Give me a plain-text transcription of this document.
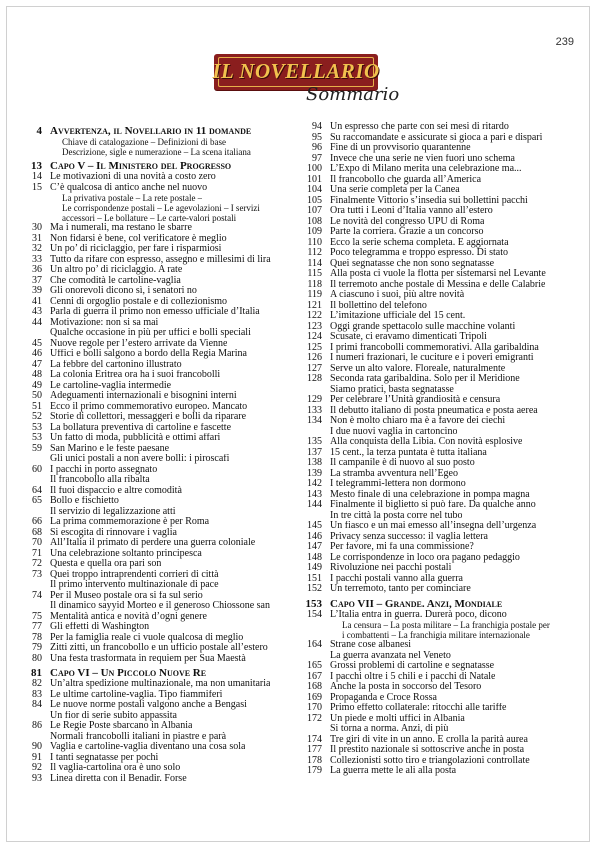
239
IL NOVELLARIO
Sommario
4 Avvertenza, il Novellario in 11 domande
Chiave di catalogazione – Definizioni di base
Descrizione, sigle e numerazione – La scena italiana
13 Capo V – Il Ministero del Progresso
14 Le motivazioni di una novità a costo zero
15 C’è qualcosa di antico anche nel nuovo
La privativa postale – La rete postale –
Le corrispondenze postali – Le agevolazioni – I servizi
accessori – Le bollature – Le carte-valori postali
30 Ma i numerali, ma restano le sbarre
31 Non fidarsi è bene, col verificatore è meglio
32 Un po’ di riciclaggio, per fare i risparmiosi
33 Tutto da rifare con espresso, assegno e millesimi di lira
36 Un altro po’ di riciclaggio. A rate
37 Che comodità le cartoline-vaglia
39 Gli onorevoli dicono sì, i senatori no
41 Cenni di orgoglio postale e di collezionismo
43 Parla di guerra il primo non emesso ufficiale d’Italia
44 Motivazione: non si sa mai
Qualche occasione in più per uffici e bolli speciali
45 Nuove regole per l’estero arrivate da Vienne
46 Uffici e bolli salgono a bordo della Regia Marina
47 La febbre del cartonino illustrato
48 La colonia Eritrea ora ha i suoi francobolli
49 Le cartoline-vaglia intermedie
50 Adeguamenti internazionali e bisognini interni
51 Ecco il primo commemorativo europeo. Mancato
52 Storie di collettori, messaggeri e bolli da riparare
53 La bollatura preventiva di cartoline e fascette
53 Un fatto di moda, pubblicità e ottimi affari
59 San Marino e le feste paesane
Gli unici postali a non avere bolli: i piroscafi
60 I pacchi in porto assegnato
Il francobollo alla ribalta
64 Il fuoi dispaccio e altre comodità
65 Bollo e fischietto
Il servizio di legalizzazione atti
66 La prima commemorazione è per Roma
68 Si escogita di rinnovare i vaglia
70 All’Italia il primato di perdere una guerra coloniale
71 Una celebrazione soltanto principesca
72 Questa e quella ora pari son
73 Quei troppo intraprendenti corrieri di città
Il primo intervento multinazionale di pace
74 Per il Museo postale ora si fa sul serio
Il dinamico sayyid Morteo e il generoso Chiossone san
75 Mentalità antica e novità d’ogni genere
77 Gli effetti di Washington
78 Per la famiglia reale ci vuole qualcosa di meglio
79 Zitti zitti, un francobollo e un ufficio postale all’estero
80 Una festa trasformata in requiem per Sua Maestà
81 Capo VI – Un Piccolo Nuove Re
82 Un’altra spedizione multinazionale, ma non umanitaria
83 Le ultime cartoline-vaglia. Tipo fiammiferi
84 Le nuove norme postali valgono anche a Bengasi
Un fior di serie subito appassita
86 Le Regie Poste sbarcano in Albania
Normali francobolli italiani in piastre e parà
90 Vaglia e cartoline-vaglia diventano una cosa sola
91 I tanti segnatasse per pochi
92 Il vaglia-cartolina ora è uno solo
93 Linea diretta con il Benadir. Forse
94 Un espresso che parte con sei mesi di ritardo
95 Su raccomandate e assicurate si gioca a pari e dispari
96 Fine di un provvisorio quarantenne
97 Invece che una serie ne vien fuori uno schema
100 L’Expo di Milano merita una celebrazione ma...
101 Il francobollo che guarda all’America
104 Una serie completa per la Canea
105 Finalmente Vittorio s’insedia sui bollettini pacchi
107 Ora tutti i Leoni d’Italia vanno all’estero
108 Le novità del congresso UPU di Roma
109 Parte la corriera. Grazie a un concorso
110 Ecco la serie schema completa. E aggiornata
112 Poco telegramma e troppo espresso. Di stato
114 Quei segnatasse che non sono segnatasse
115 Alla posta ci vuole la flotta per sistemarsi nel Levante
118 Il terremoto anche postale di Messina e delle Calabrie
119 A ciascuno i suoi, più altre novità
121 Il bollettino del telefono
122 L’imitazione ufficiale del 15 cent.
123 Oggi grande spettacolo sulle macchine volanti
124 Scusate, ci eravamo dimenticati Tripoli
125 I primi francobolli commemorativi. Alla garibaldina
126 I numeri frazionari, le cuciture e i poveri emigranti
127 Serve un alto valore. Floreale, naturalmente
128 Seconda rata garibaldina. Solo per il Meridione
Siamo pratici, basta segnatasse
129 Per celebrare l’Unità grandiosità e censura
133 Il debutto italiano di posta pneumatica e posta aerea
134 Non è molto chiaro ma è a favore dei ciechi
I due nuovi vaglia in cartoncino
135 Alla conquista della Libia. Con novità esplosive
137 15 cent., la terza puntata è tutta italiana
138 Il campanile è di nuovo al suo posto
139 La stramba avventura nell’Egeo
142 I telegrammi-lettera non dormono
143 Mesto finale di una celebrazione in pompa magna
144 Finalmente il biglietto si può fare. Da qualche anno
In tre città la posta corre nel tubo
145 Un fiasco e un mai emesso all’insegna dell’urgenza
146 Privacy senza successo: il vaglia lettera
147 Per favore, mi fa una commissione?
148 Le corrispondenze in loco ora pagano pedaggio
149 Rivoluzione nei pacchi postali
151 I pacchi postali vanno alla guerra
152 Un terremoto, tanto per cominciare
153 Capo VII – Grande. Anzi, Mondiale
154 L’Italia entra in guerra. Durerà poco, dicono
La censura – La posta militare – La franchigia postale per
i combattenti – La franchigia militare internazionale
164 Strane cose albanesi
La guerra avanzata nel Veneto
165 Grossi problemi di cartoline e segnatasse
167 I pacchi oltre i 5 chili e i pacchi di Natale
168 Anche la posta in soccorso del Tesoro
169 Propaganda e Croce Rossa
170 Primo effetto collaterale: ritocchi alle tariffe
172 Un piede e molti uffici in Albania
Si torna a norma. Anzi, di più
174 Tre giri di vite in un anno. E crolla la parità aurea
177 Il prestito nazionale si sottoscrive anche in posta
178 Collezionisti sotto tiro e triangolazioni controllate
179 La guerra mette le ali alla posta
